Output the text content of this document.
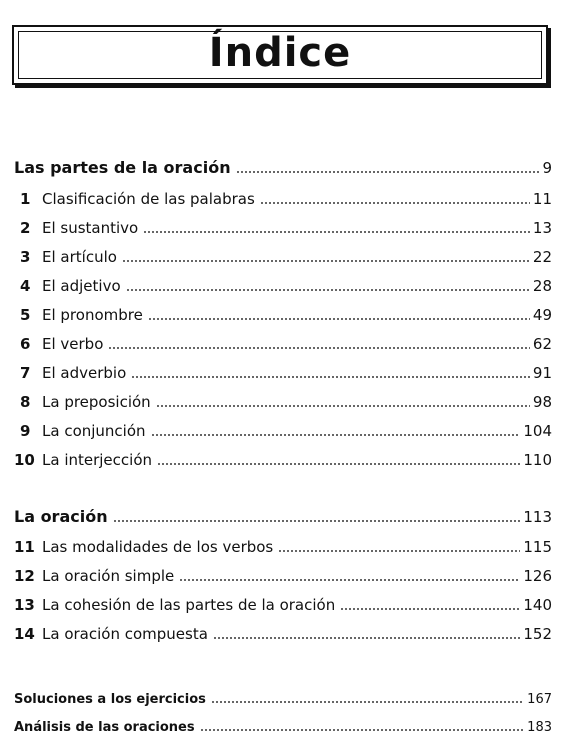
Índice
Las partes de la oración	9
1 Clasificación de las palabras	11
2 El sustantivo	13
3 El artículo	22
4 El adjetivo	28
5 El pronombre	49
6 El verbo	62
7 El adverbio	91
8 La preposición	98
9 La conjunción	104
10 La interjección	110
La oración	113
11 Las modalidades de los verbos	115
12 La oración simple	126
13 La cohesión de las partes de la oración	140
14 La oración compuesta	152
Soluciones a los ejercicios	167
Análisis de las oraciones	183
